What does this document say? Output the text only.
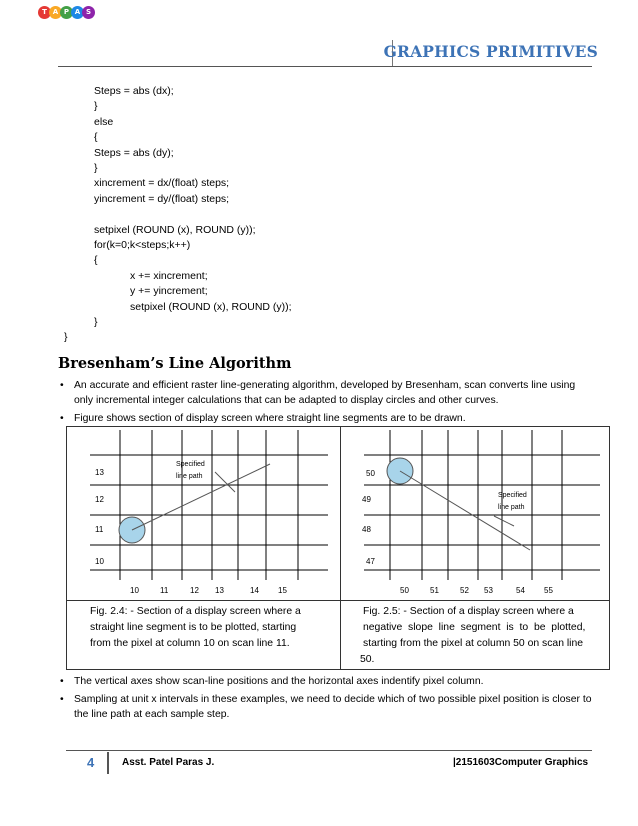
T A P A S
GRAPHICS PRIMITIVES
Steps = abs (dx);
}
else
{
Steps = abs (dy);
}
xincrement = dx/(float) steps;
yincrement = dy/(float) steps;
setpixel (ROUND (x), ROUND (y));
for(k=0;k<steps;k++)
{
x += xincrement;
y += yincrement;
setpixel (ROUND (x), ROUND (y));
}
}
Bresenham’s Line Algorithm
• An accurate and efficient raster line-generating algorithm, developed by Bresenham, scan converts line using
only incremental integer calculations that can be adapted to display circles and other curves.
• Figure shows section of display screen where straight line segments are to be drawn.
13
12
11
10
10	11	12 13	14 15
Specified
line path	50
49
48
47
50	51	52 53	54 55
Specified
line path
Fig. 2.4: - Section of a display screen where a
straight line segment is to be plotted, starting
from the pixel at column 10 on scan line 11.
Fig. 2.5: - Section of a display screen where a
negative  slope  line  segment  is  to  be  plotted,
starting from the pixel at column 50 on scan line
50.
• The vertical axes show scan-line positions and the horizontal axes indentify pixel column.
• Sampling at unit x intervals in these examples, we need to decide which of two possible pixel position is closer to
the line path at each sample step.
4	Asst. Patel Paras J.	|2151603Computer Graphics
